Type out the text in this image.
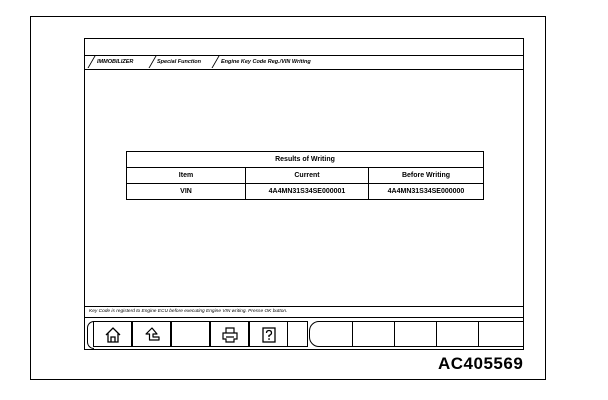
IMMOBILIZER	Special Function	Engine Key Code Reg./VIN Writing
Results of Writing		
Item	Current	Before Writing
VIN	4A4MN31S34SE000001	4A4MN31S34SE000000
Key Code is registerd to Engine ECU before executing Engine VIN writing. Presse OK button.
AC405569
